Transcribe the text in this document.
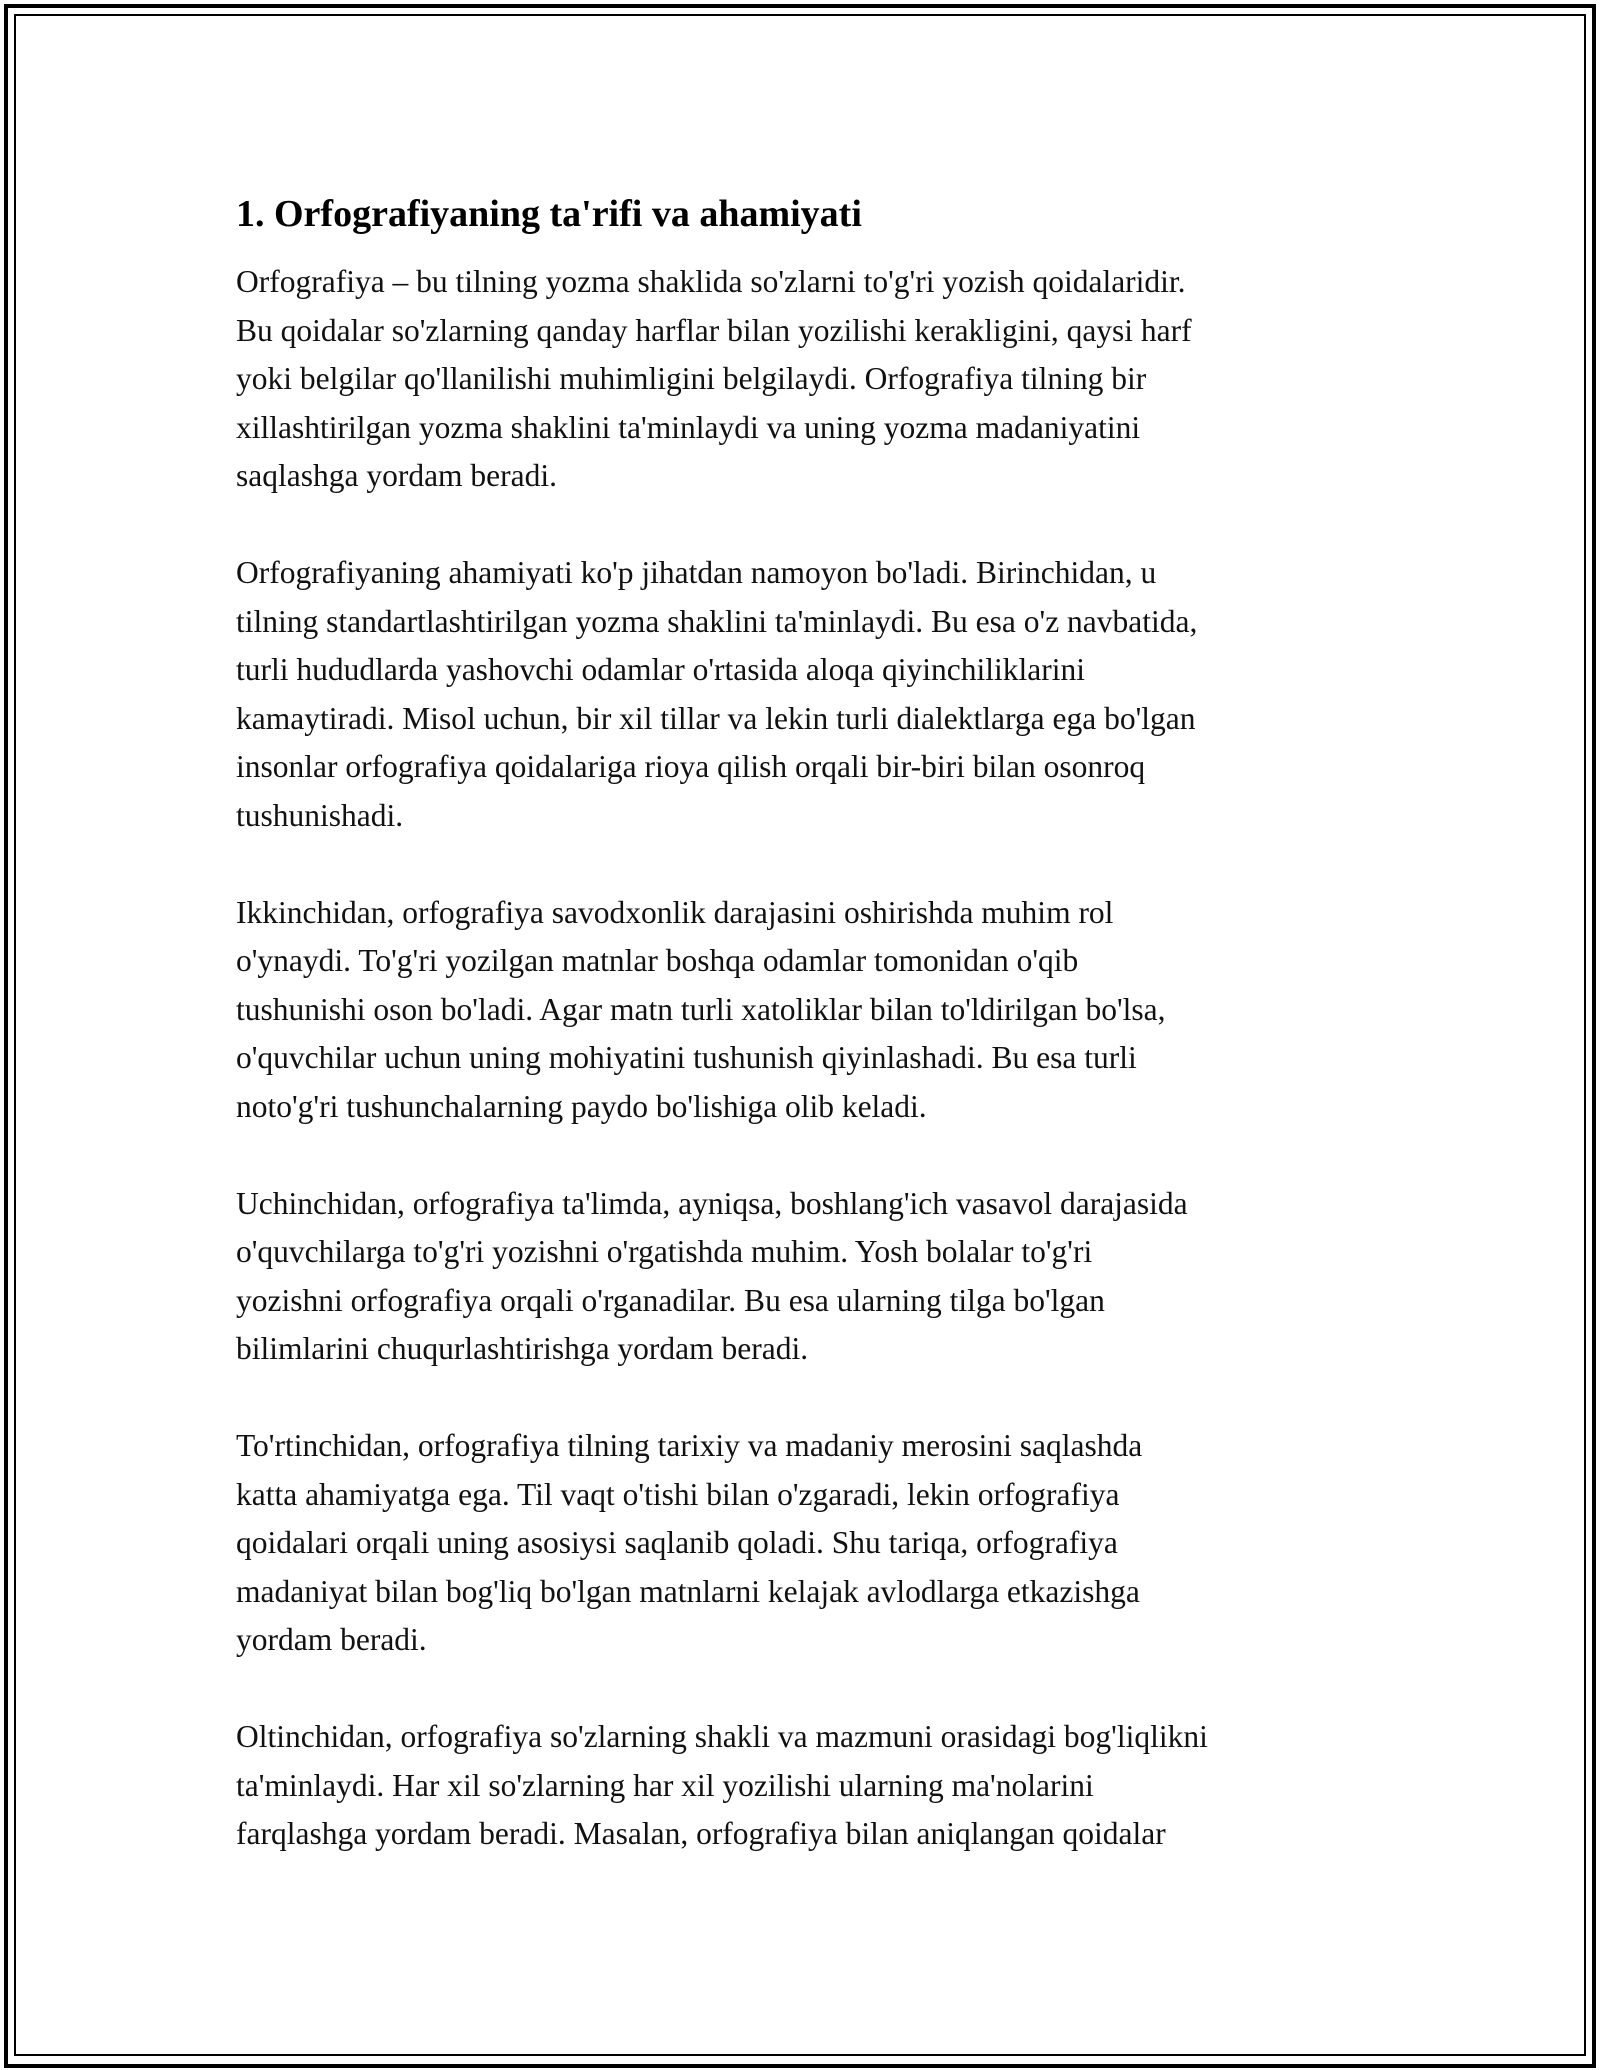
1. Orfografiyaning ta'rifi va ahamiyati

Orfografiya – bu tilning yozma shaklida so'zlarni to'g'ri yozish qoidalaridir.
Bu qoidalar so'zlarning qanday harflar bilan yozilishi kerakligini, qaysi harf
yoki belgilar qo'llanilishi muhimligini belgilaydi. Orfografiya tilning bir
xillashtirilgan yozma shaklini ta'minlaydi va uning yozma madaniyatini
saqlashga yordam beradi.

Orfografiyaning ahamiyati ko'p jihatdan namoyon bo'ladi. Birinchidan, u
tilning standartlashtirilgan yozma shaklini ta'minlaydi. Bu esa o'z navbatida,
turli hududlarda yashovchi odamlar o'rtasida aloqa qiyinchiliklarini
kamaytiradi. Misol uchun, bir xil tillar va lekin turli dialektlarga ega bo'lgan
insonlar orfografiya qoidalariga rioya qilish orqali bir-biri bilan osonroq
tushunishadi.

Ikkinchidan, orfografiya savodxonlik darajasini oshirishda muhim rol
o'ynaydi. To'g'ri yozilgan matnlar boshqa odamlar tomonidan o'qib
tushunishi oson bo'ladi. Agar matn turli xatoliklar bilan to'ldirilgan bo'lsa,
o'quvchilar uchun uning mohiyatini tushunish qiyinlashadi. Bu esa turli
noto'g'ri tushunchalarning paydo bo'lishiga olib keladi.

Uchinchidan, orfografiya ta'limda, ayniqsa, boshlang'ich vasavol darajasida
o'quvchilarga to'g'ri yozishni o'rgatishda muhim. Yosh bolalar to'g'ri
yozishni orfografiya orqali o'rganadilar. Bu esa ularning tilga bo'lgan
bilimlarini chuqurlashtirishga yordam beradi.

To'rtinchidan, orfografiya tilning tarixiy va madaniy merosini saqlashda
katta ahamiyatga ega. Til vaqt o'tishi bilan o'zgaradi, lekin orfografiya
qoidalari orqali uning asosiysi saqlanib qoladi. Shu tariqa, orfografiya
madaniyat bilan bog'liq bo'lgan matnlarni kelajak avlodlarga etkazishga
yordam beradi.

Oltinchidan, orfografiya so'zlarning shakli va mazmuni orasidagi bog'liqlikni
ta'minlaydi. Har xil so'zlarning har xil yozilishi ularning ma'nolarini
farqlashga yordam beradi. Masalan, orfografiya bilan aniqlangan qoidalar
